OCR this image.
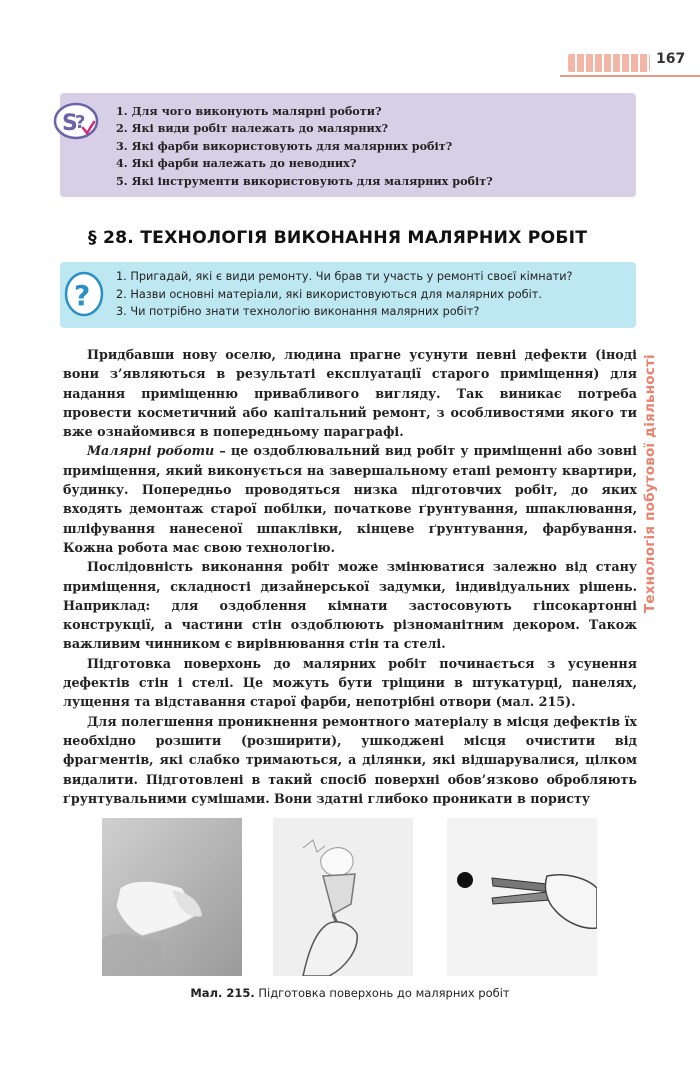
167
Технологія побутової діяльності
S
?
1. Для чого виконують малярні роботи?
2. Які види робіт належать до малярних?
3. Які фарби використовують для малярних робіт?
4. Які фарби належать до неводних?
5. Які інструменти використовують для малярних робіт?
§ 28. ТЕХНОЛОГІЯ ВИКОНАННЯ МАЛЯРНИХ РОБІТ
?
1. Пригадай, які є види ремонту. Чи брав ти участь у ремонті своєї кімнати?
2. Назви основні матеріали, які використовуються для малярних робіт.
3. Чи потрібно знати технологію виконання малярних робіт?

Придбавши нову оселю, людина прагне усунути певні дефекти (іноді вони з’являються в результаті експлуатації старого приміщення) для надання приміщенню привабливого вигляду. Так виникає потреба провести косметичний або капітальний ремонт, з особливостями якого ти вже ознайомився в попередньому параграфі.

Малярні роботи – це оздоблювальний вид робіт у приміщенні або зовні приміщення, який виконується на завершальному етапі ремонту квартири, будинку. Попередньо проводяться низка підготовчих робіт, до яких входять демонтаж старої побілки, початкове ґрунтування, шпаклювання, шліфування нанесеної шпаклівки, кінцеве ґрунтування, фарбування. Кожна робота має свою технологію.

Послідовність виконання робіт може змінюватися залежно від стану приміщення, складності дизайнерської задумки, індивідуальних рішень. Наприклад: для оздоблення кімнати застосовують гіпсокартонні конструкції, а частини стін оздоблюють різноманітним декором. Також важливим чинником є вирівнювання стін та стелі.

Підготовка поверхонь до малярних робіт починається з усунення дефектів стін і стелі. Це можуть бути тріщини в штукатурці, панелях, лущення та відставання старої фарби, непотрібні отвори (мал. 215).

Для полегшення проникнення ремонтного матеріалу в місця дефектів їх необхідно розшити (розширити), ушкоджені місця очистити від фрагментів, які слабко тримаються, а ділянки, які відшарувалися, цілком видалити. Підготовлені в такий спосіб поверхні обов’язково обробляють ґрунтувальними сумішами. Вони здатні глибоко проникати в пористу

Мал. 215. Підготовка поверхонь до малярних робіт
